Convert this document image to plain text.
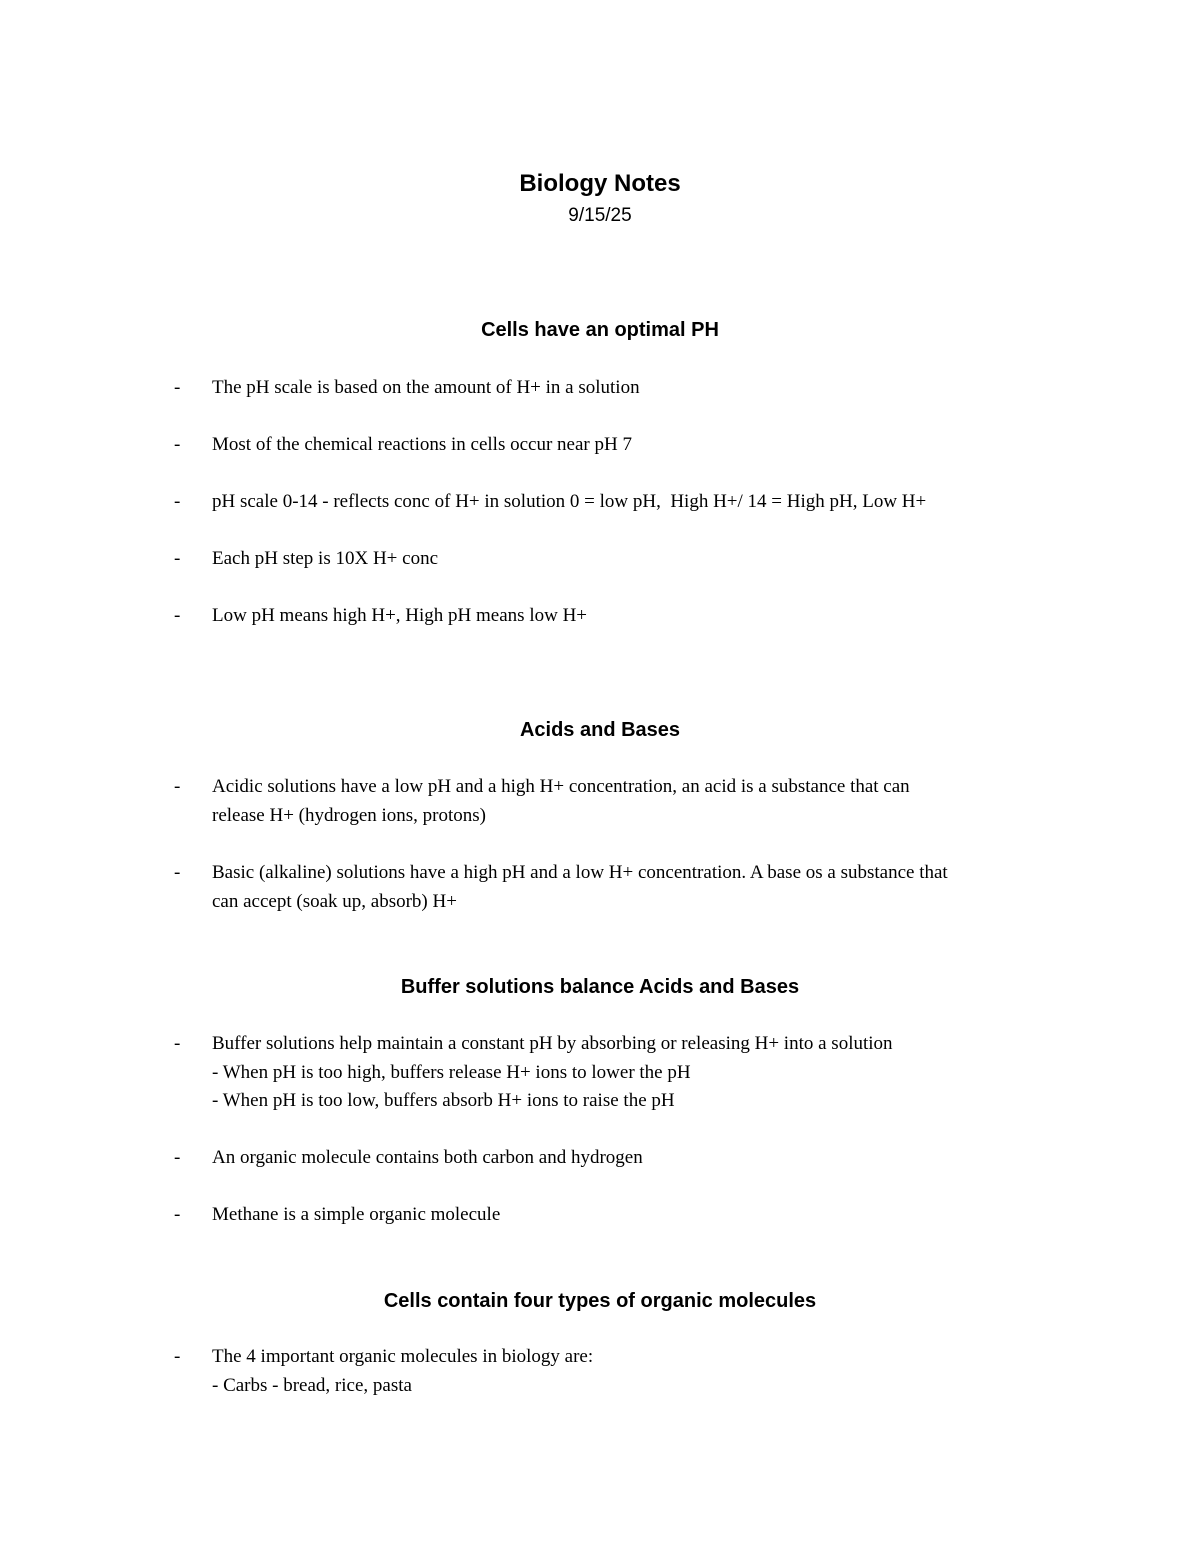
Biology Notes
9/15/25
Cells have an optimal PH
- The pH scale is based on the amount of H+ in a solution
- Most of the chemical reactions in cells occur near pH 7
- pH scale 0-14 - reflects conc of H+ in solution 0 = low pH,  High H+/ 14 = High pH, Low H+
- Each pH step is 10X H+ conc
- Low pH means high H+, High pH means low H+
Acids and Bases
- Acidic solutions have a low pH and a high H+ concentration, an acid is a substance that can
release H+ (hydrogen ions, protons)
- Basic (alkaline) solutions have a high pH and a low H+ concentration. A base os a substance that
can accept (soak up, absorb) H+
Buffer solutions balance Acids and Bases
- Buffer solutions help maintain a constant pH by absorbing or releasing H+ into a solution
- When pH is too high, buffers release H+ ions to lower the pH
- When pH is too low, buffers absorb H+ ions to raise the pH
- An organic molecule contains both carbon and hydrogen
- Methane is a simple organic molecule
Cells contain four types of organic molecules
- The 4 important organic molecules in biology are:
- Carbs - bread, rice, pasta
